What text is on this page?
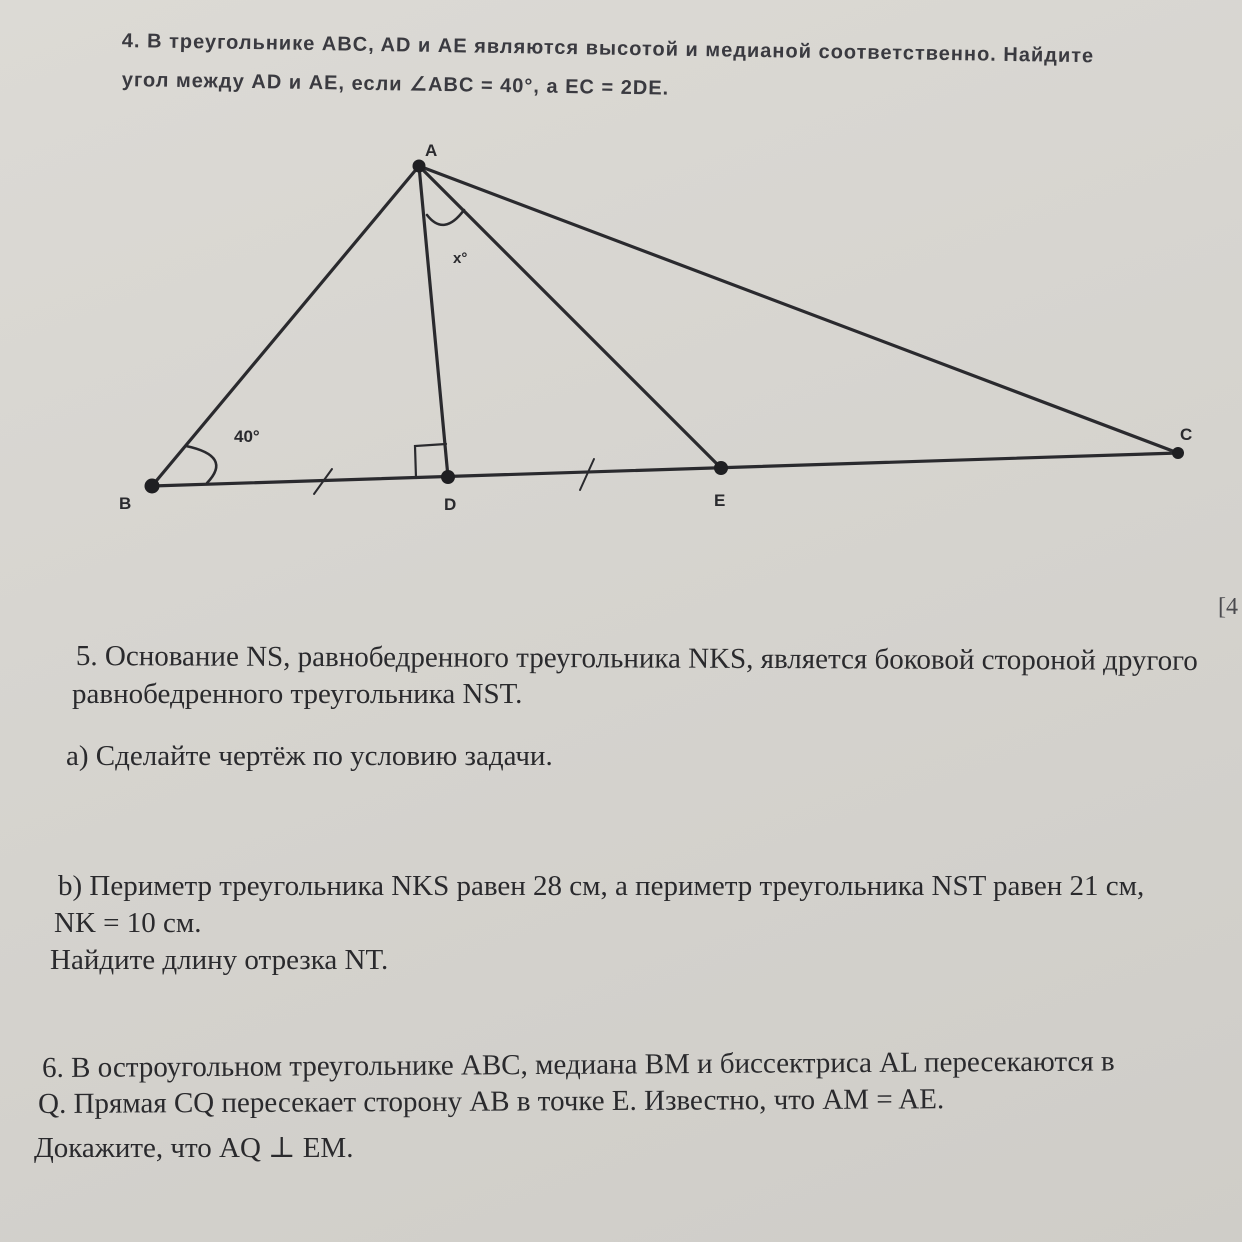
4. В треугольнике ABC, AD и AE являются высотой и медианой соответственно. Найдите
угол между AD и AE, если ∠ABC = 40°, а EC = 2DE.
A
B
C
D	E
x°
40°
[4
5. Основание NS, равнобедренного треугольника NKS, является боковой стороной другого
равнобедренного треугольника NST.
a) Сделайте чертёж по условию задачи.
b) Периметр треугольника NKS равен 28 см, а периметр треугольника NST равен 21 см,
NK = 10 см.
Найдите длину отрезка NT.
6. В остроугольном треугольнике ABC, медиана BM и биссектриса AL пересекаются в
Q. Прямая CQ пересекает сторону AB в точке E. Известно, что AM = AE.
Докажите, что AQ ⊥ EM.
